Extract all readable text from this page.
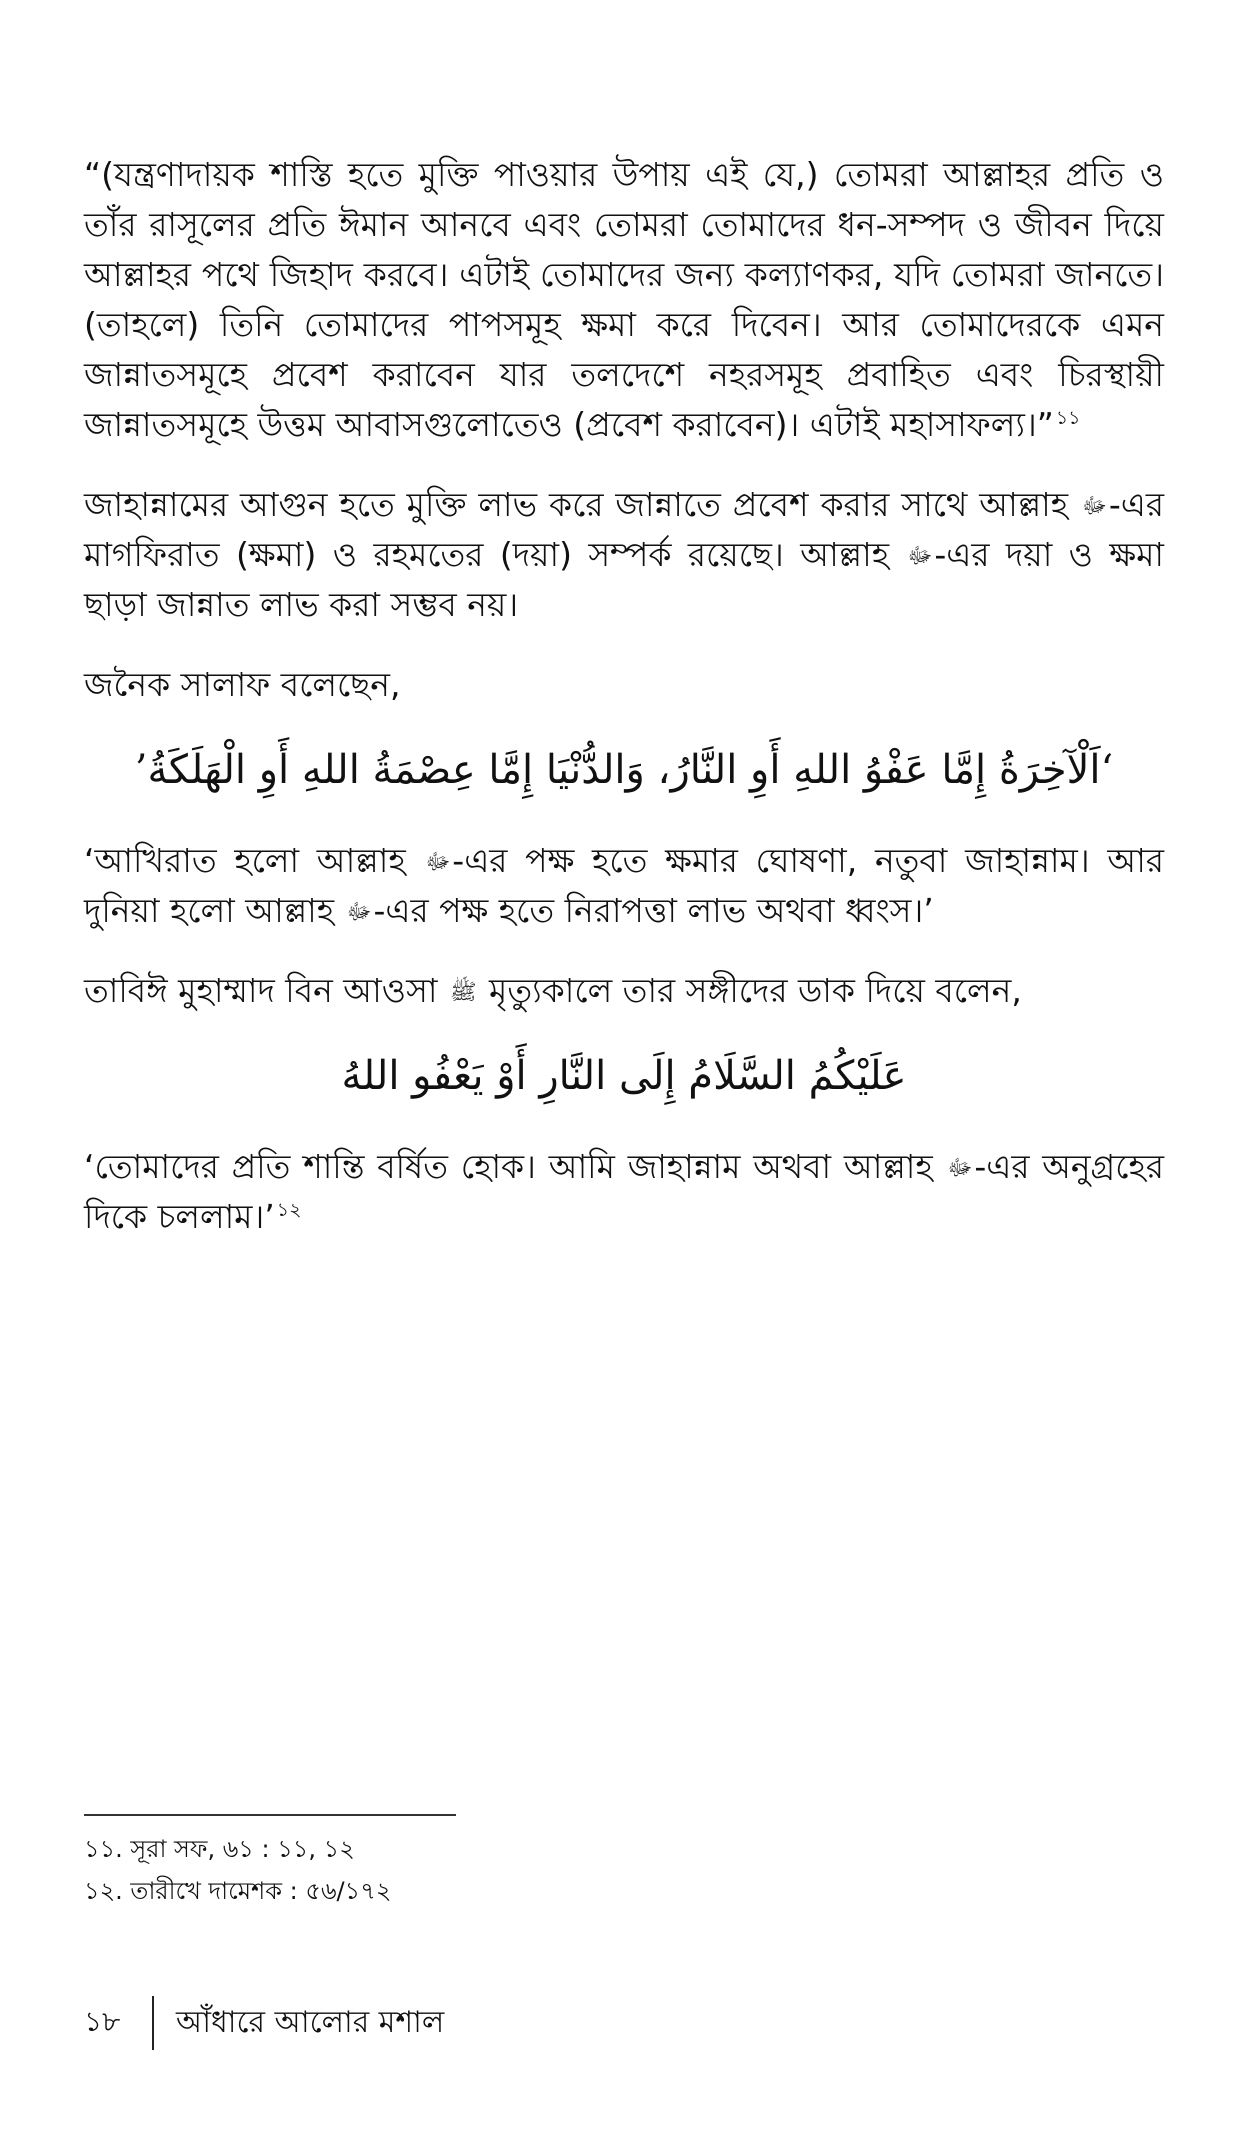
“(যন্ত্রণাদায়ক শাস্তি হতে মুক্তি পাওয়ার উপায় এই যে,) তোমরা আল্লাহর প্রতি ও তাঁর রাসূলের প্রতি ঈমান আনবে এবং তোমরা তোমাদের ধন-সম্পদ ও জীবন দিয়ে আল্লাহর পথে জিহাদ করবে। এটাই তোমাদের জন্য কল্যাণকর, যদি তোমরা জানতে। (তাহলে) তিনি তোমাদের পাপসমূহ ক্ষমা করে দিবেন। আর তোমাদেরকে এমন জান্নাতসমূহে প্রবেশ করাবেন যার তলদেশে নহরসমূহ প্রবাহিত এবং চিরস্থায়ী জান্নাতসমূহে উত্তম আবাসগুলোতেও (প্রবেশ করাবেন)। এটাই মহাসাফল্য।” $^{১১}$

জাহান্নামের আগুন হতে মুক্তি লাভ করে জান্নাতে প্রবেশ করার সাথে আল্লাহ ﷻ-এর মাগফিরাত (ক্ষমা) ও রহমতের (দয়া) সম্পর্ক রয়েছে। আল্লাহ ﷻ-এর দয়া ও ক্ষমা ছাড়া জান্নাত লাভ করা সম্ভব নয়।

জনৈক সালাফ বলেছেন,

‘اَلْآخِرَةُ إِمَّا عَفْوُ اللهِ أَوِ النَّارُ، وَالدُّنْيَا إِمَّا عِصْمَةُ اللهِ أَوِ الْهَلَكَةُ’

‘আখিরাত হলো আল্লাহ ﷻ-এর পক্ষ হতে ক্ষমার ঘোষণা, নতুবা জাহান্নাম। আর দুনিয়া হলো আল্লাহ ﷻ-এর পক্ষ হতে নিরাপত্তা লাভ অথবা ধ্বংস।’

তাবিঈ মুহাম্মাদ বিন আওসা ﷺ মৃত্যুকালে তার সঙ্গীদের ডাক দিয়ে বলেন,

عَلَيْكُمُ السَّلَامُ إِلَى النَّارِ أَوْ يَعْفُو اللهُ

‘তোমাদের প্রতি শান্তি বর্ষিত হোক। আমি জাহান্নাম অথবা আল্লাহ ﷻ-এর অনুগ্রহের দিকে চললাম।’ $^{১২}$

১১. সূরা সফ, ৬১ : ১১, ১২
১২. তারীখে দামেশক : ৫৬/১৭২
১৮	আঁধারে আলোর মশাল
